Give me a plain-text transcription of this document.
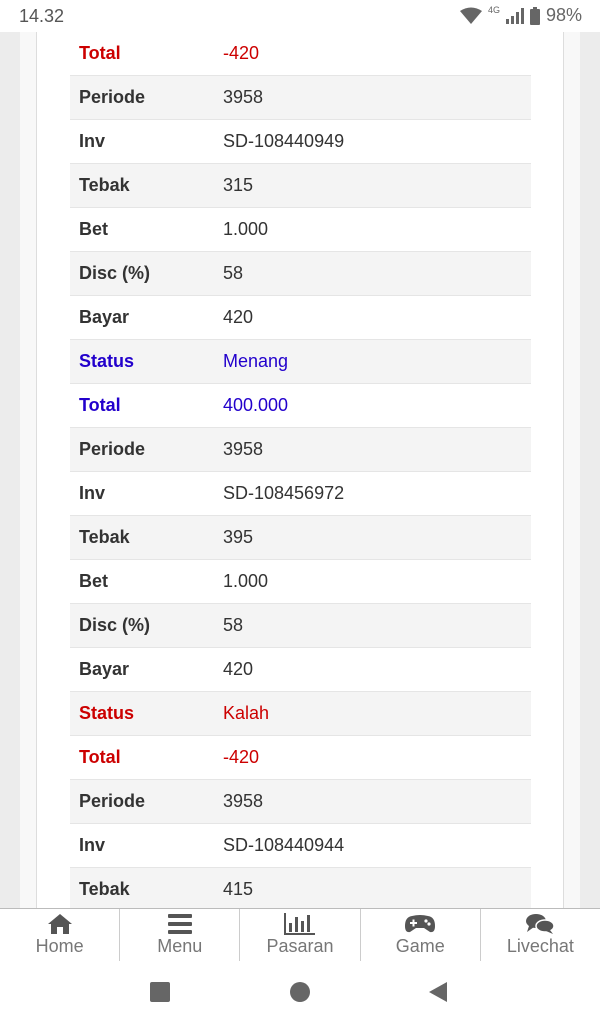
14.32	4G	98%
Total	-420
Periode	3958
Inv	SD-108440949
Tebak	315
Bet	1.000
Disc (%)	58
Bayar	420
Status	Menang
Total	400.000
Periode	3958
Inv	SD-108456972
Tebak	395
Bet	1.000
Disc (%)	58
Bayar	420
Status	Kalah
Total	-420
Periode	3958
Inv	SD-108440944
Tebak	415
Home	Menu	Pasaran	Game	Livechat
